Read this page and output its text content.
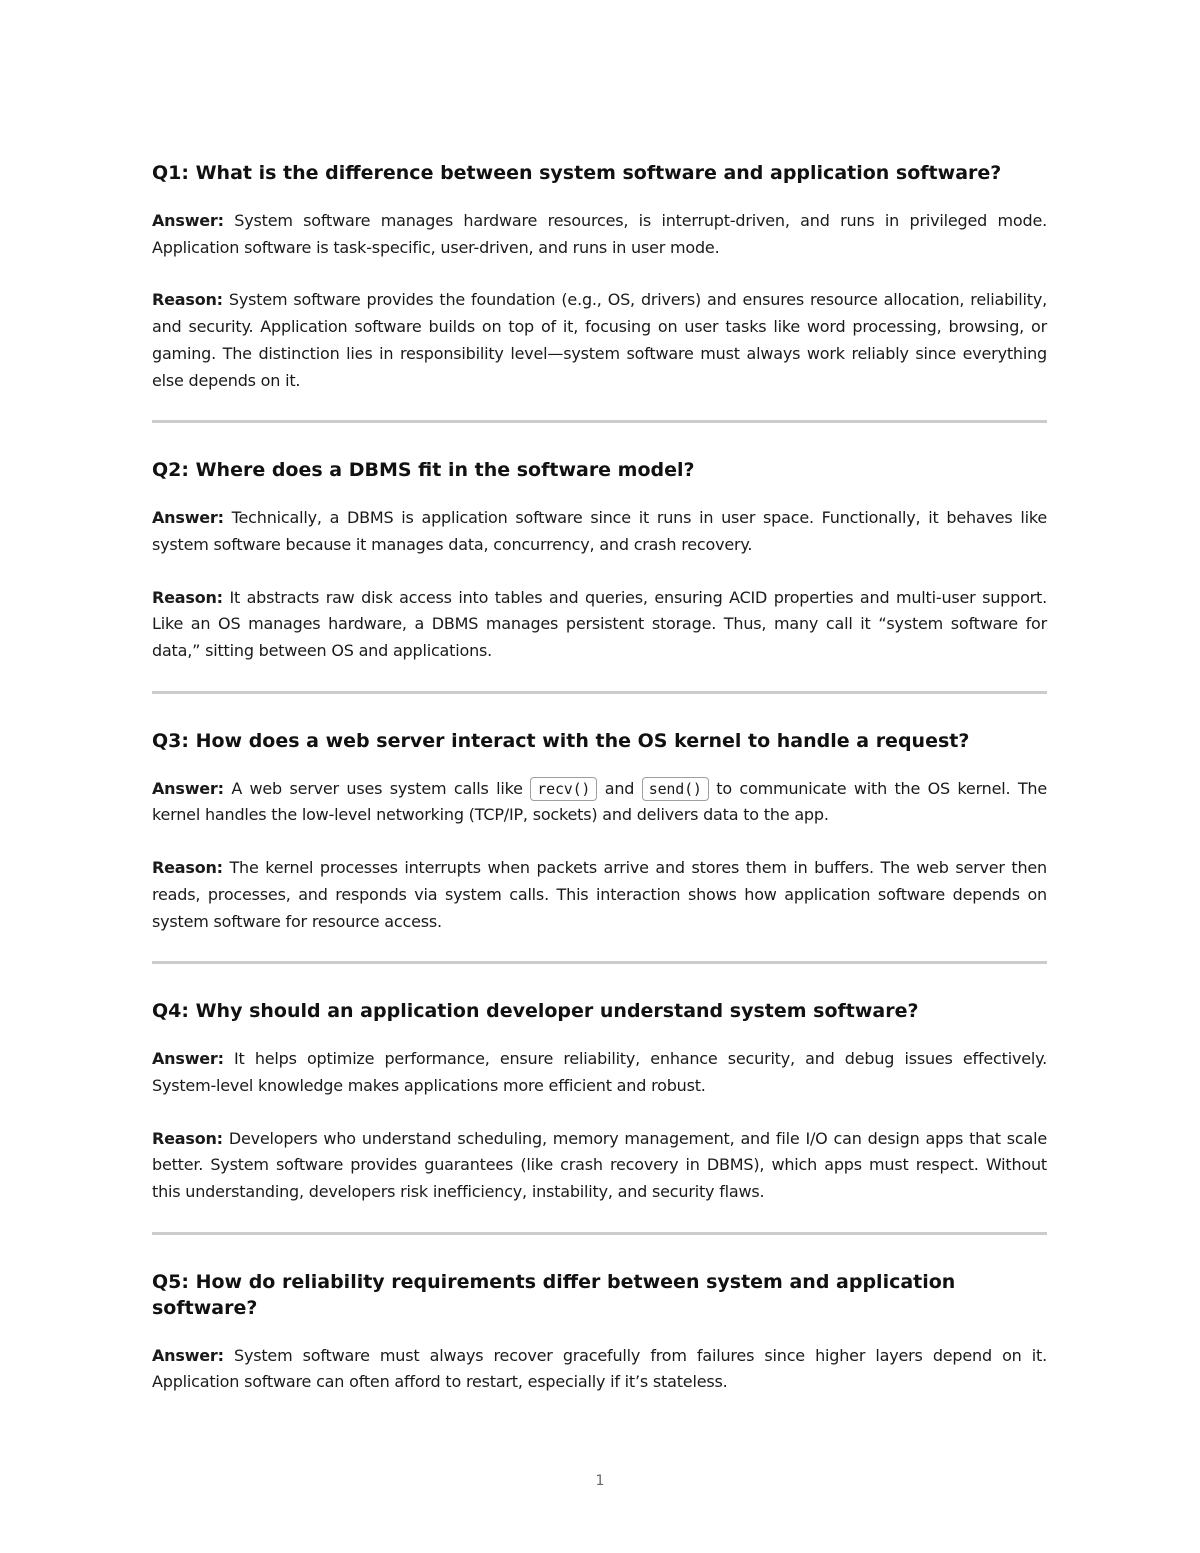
Q1: What is the difference between system software and application software?

Answer: System software manages hardware resources, is interrupt-driven, and runs in privileged mode. Application software is task-specific, user-driven, and runs in user mode.

Reason: System software provides the foundation (e.g., OS, drivers) and ensures resource allocation, reliability, and security. Application software builds on top of it, focusing on user tasks like word processing, browsing, or gaming. The distinction lies in responsibility level—system software must always work reliably since everything else depends on it.

Q2: Where does a DBMS fit in the software model?

Answer: Technically, a DBMS is application software since it runs in user space. Functionally, it behaves like system software because it manages data, concurrency, and crash recovery.

Reason: It abstracts raw disk access into tables and queries, ensuring ACID properties and multi-user support. Like an OS manages hardware, a DBMS manages persistent storage. Thus, many call it “system software for data,” sitting between OS and applications.

Q3: How does a web server interact with the OS kernel to handle a request?

Answer: A web server uses system calls like recv() and send() to communicate with the OS kernel. The kernel handles the low-level networking (TCP/IP, sockets) and delivers data to the app.

Reason: The kernel processes interrupts when packets arrive and stores them in buffers. The web server then reads, processes, and responds via system calls. This interaction shows how application software depends on system software for resource access.

Q4: Why should an application developer understand system software?

Answer: It helps optimize performance, ensure reliability, enhance security, and debug issues effectively. System-level knowledge makes applications more efficient and robust.

Reason: Developers who understand scheduling, memory management, and file I/O can design apps that scale better. System software provides guarantees (like crash recovery in DBMS), which apps must respect. Without this understanding, developers risk inefficiency, instability, and security flaws.

Q5: How do reliability requirements differ between system and application software?

Answer: System software must always recover gracefully from failures since higher layers depend on it. Application software can often afford to restart, especially if it’s stateless.

1
